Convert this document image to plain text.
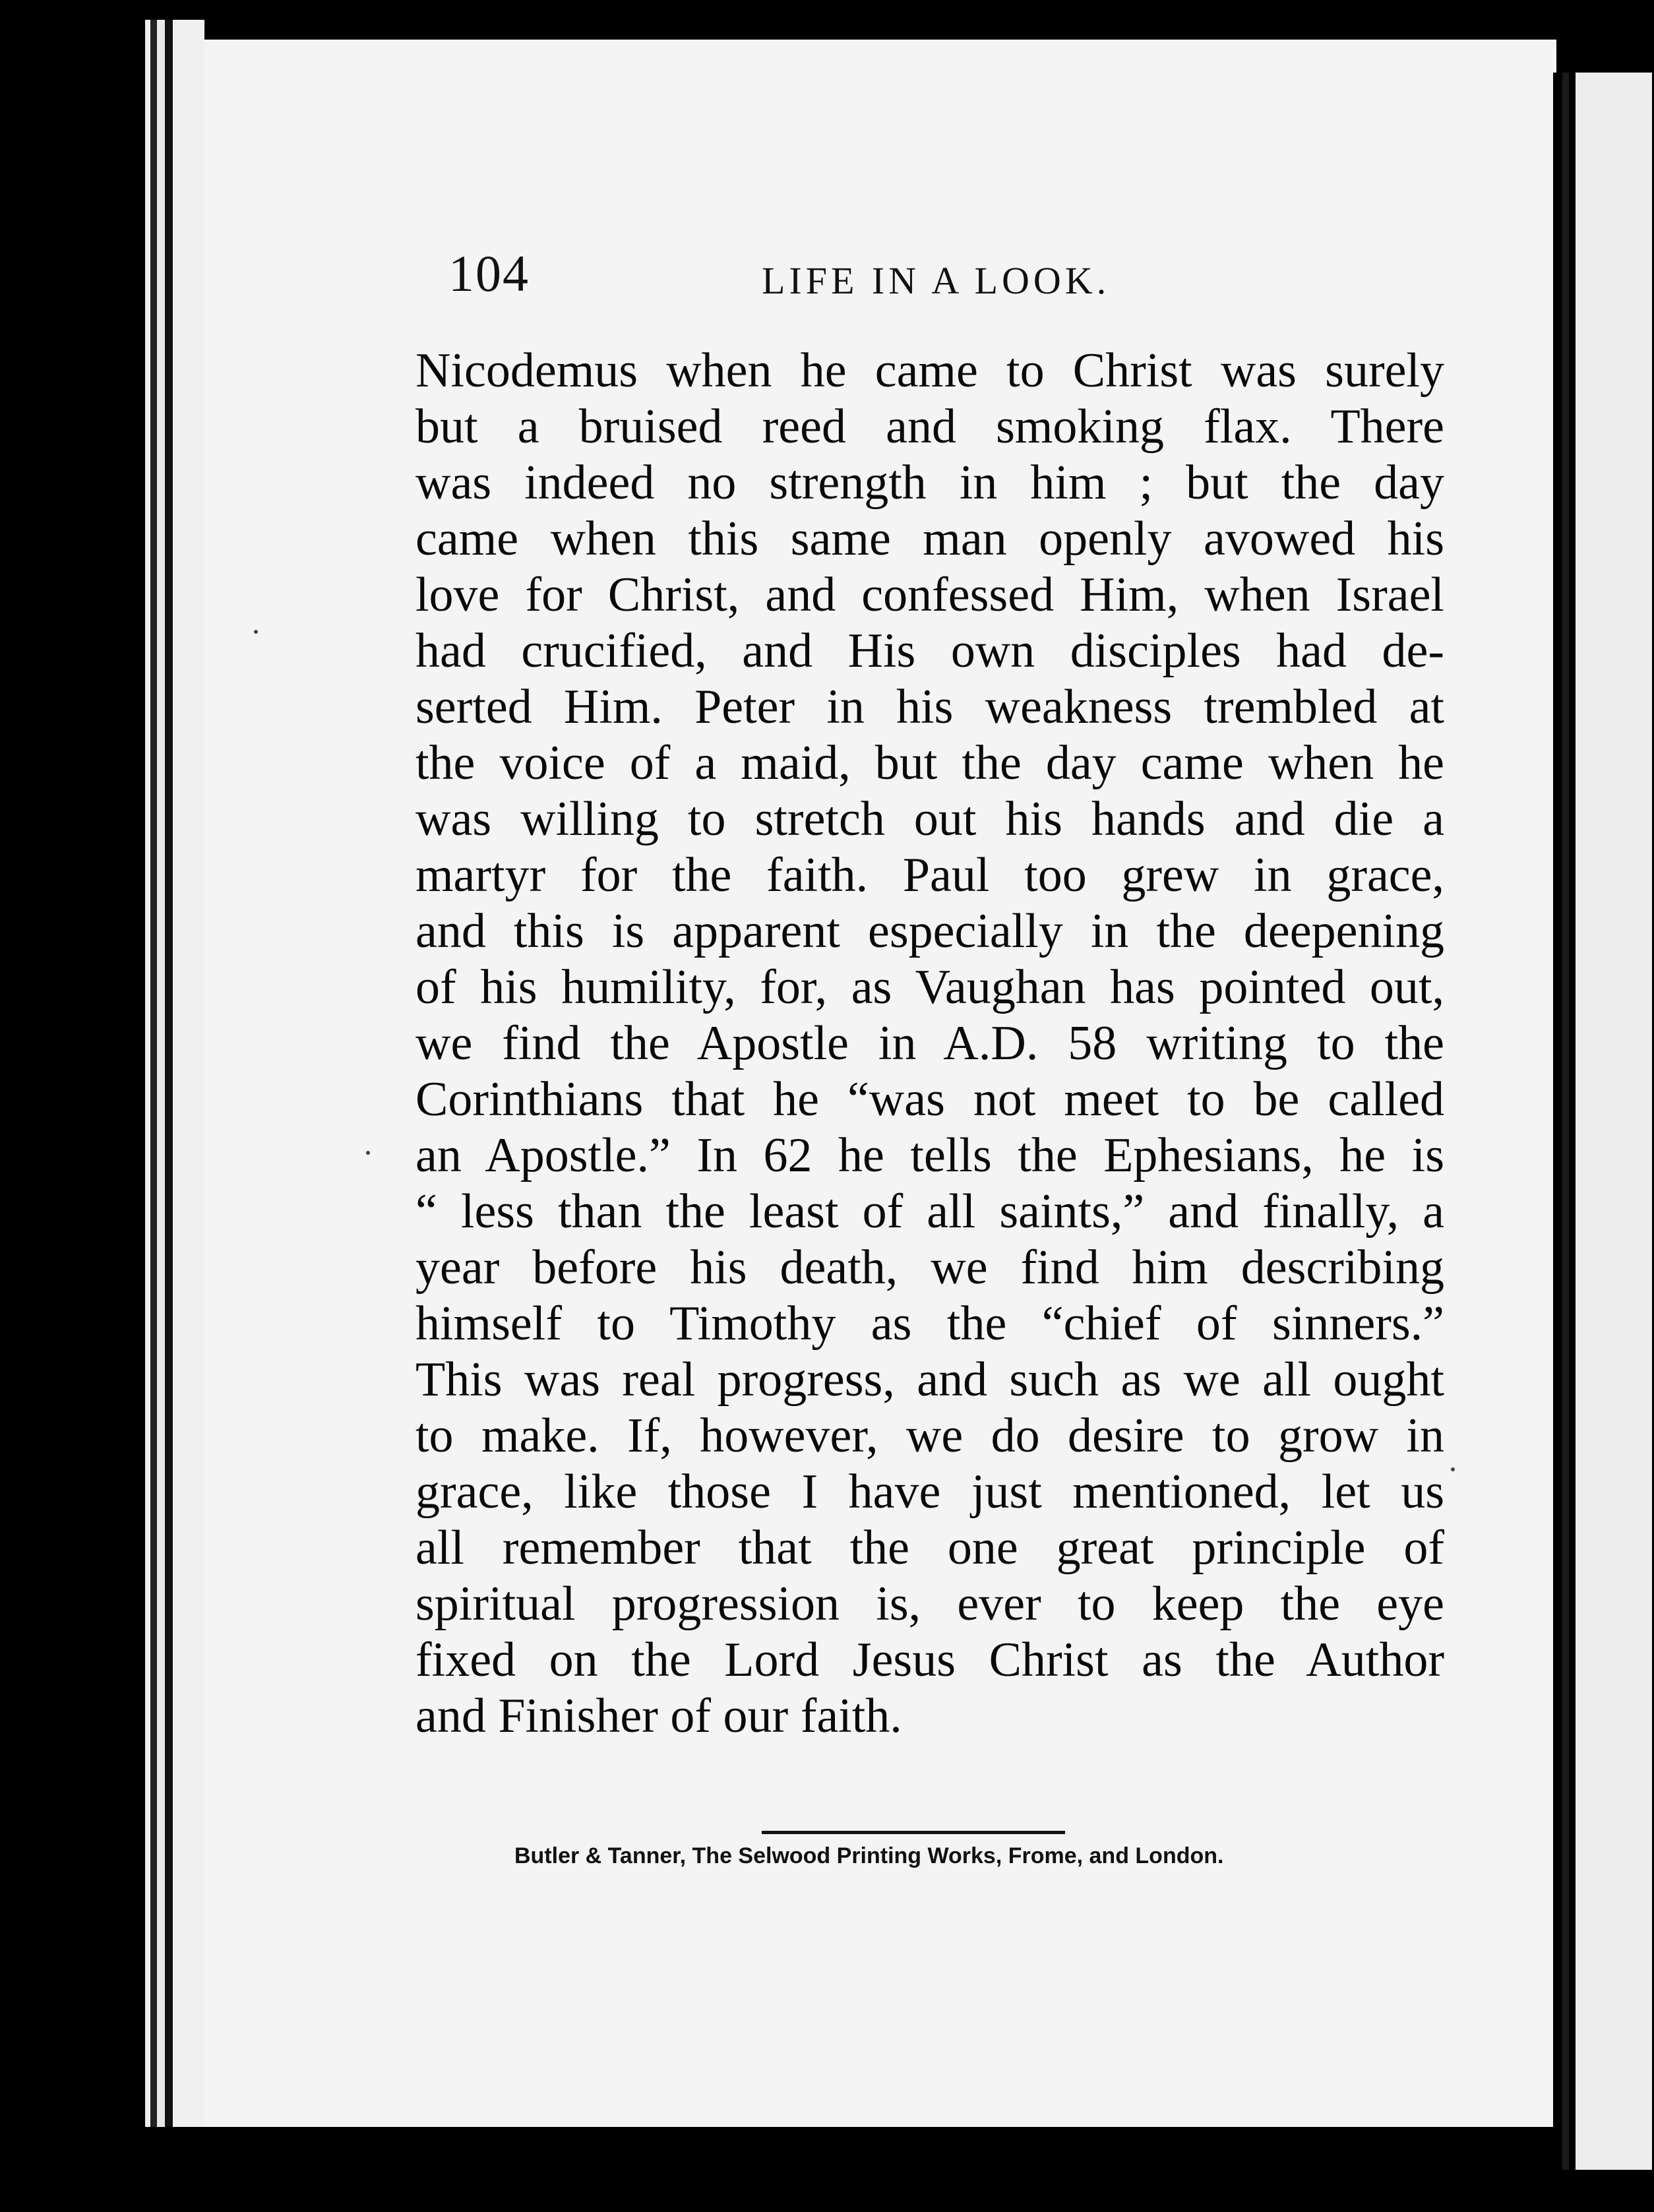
104	LIFE IN A LOOK.
Nicodemus when he came to Christ was surely
but a bruised reed and smoking flax. There
was indeed no strength in him ; but the day
came when this same man openly avowed his
love for Christ, and confessed Him, when Israel
had crucified, and His own disciples had de-
serted Him. Peter in his weakness trembled at
the voice of a maid, but the day came when he
was willing to stretch out his hands and die a
martyr for the faith. Paul too grew in grace,
and this is apparent especially in the deepening
of his humility, for, as Vaughan has pointed out,
we find the Apostle in A.D. 58 writing to the
Corinthians that he “was not meet to be called
an Apostle.” In 62 he tells the Ephesians, he is
“ less than the least of all saints,” and finally, a
year before his death, we find him describing
himself to Timothy as the “chief of sinners.”
This was real progress, and such as we all ought
to make. If, however, we do desire to grow in
grace, like those I have just mentioned, let us
all remember that the one great principle of
spiritual progression is, ever to keep the eye
fixed on the Lord Jesus Christ as the Author
and Finisher of our faith.
Butler & Tanner, The Selwood Printing Works, Frome, and London.
